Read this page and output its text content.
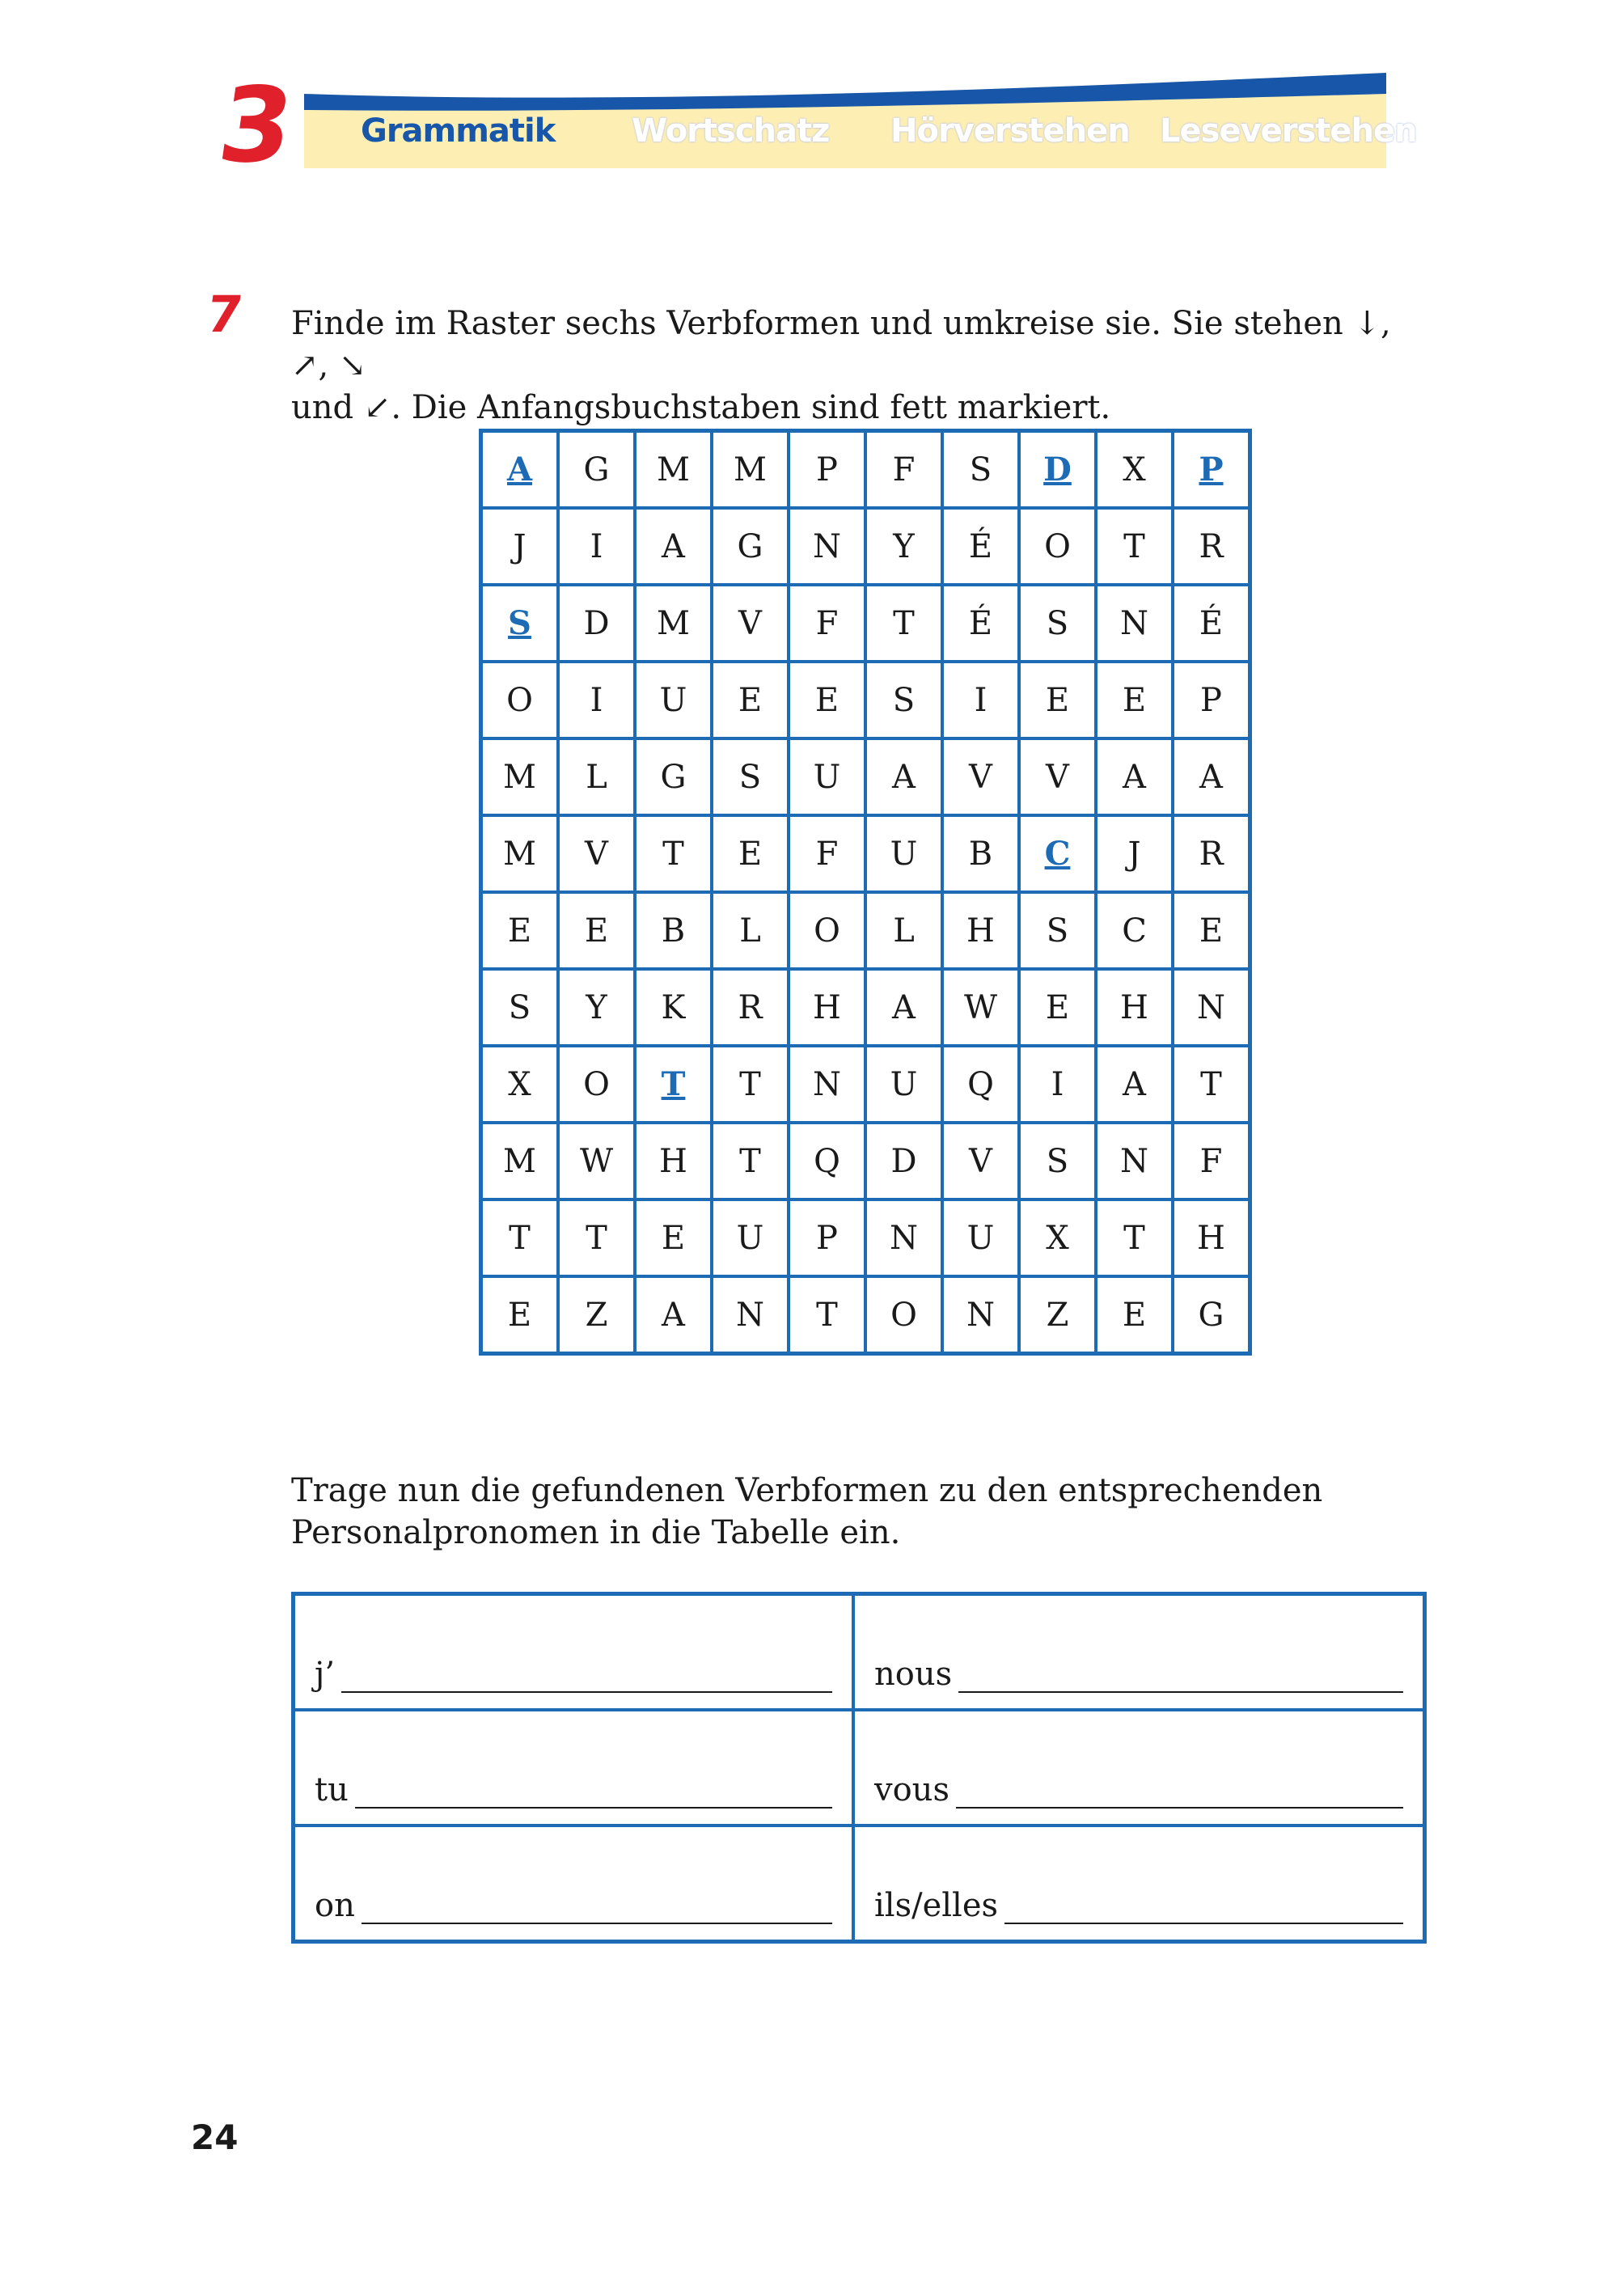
3 Grammatik Wortschatz Hörverstehen Leseverstehen
7 Finde im Raster sechs Verbformen und umkreise sie. Sie stehen ↓, ↗, ↘
und ↙. Die Anfangsbuchstaben sind fett markiert.
A	G	M	M	P	F	S	D	X	P
J	I	A	G	N	Y	É	O	T	R
S	D	M	V	F	T	É	S	N	É
O	I	U	E	E	S	I	E	E	P
M	L	G	S	U	A	V	V	A	A
M	V	T	E	F	U	B	C	J	R
E	E	B	L	O	L	H	S	C	E
S	Y	K	R	H	A	W	E	H	N
X	O	T	T	N	U	Q	I	A	T
M	W	H	T	Q	D	V	S	N	F
T	T	E	U	P	N	U	X	T	H
E	Z	A	N	T	O	N	Z	E	G
Trage nun die gefundenen Verbformen zu den entsprechenden
Personalpronomen in die Tabelle ein.
j’	nous

tu	vous

on	ils/elles
24
